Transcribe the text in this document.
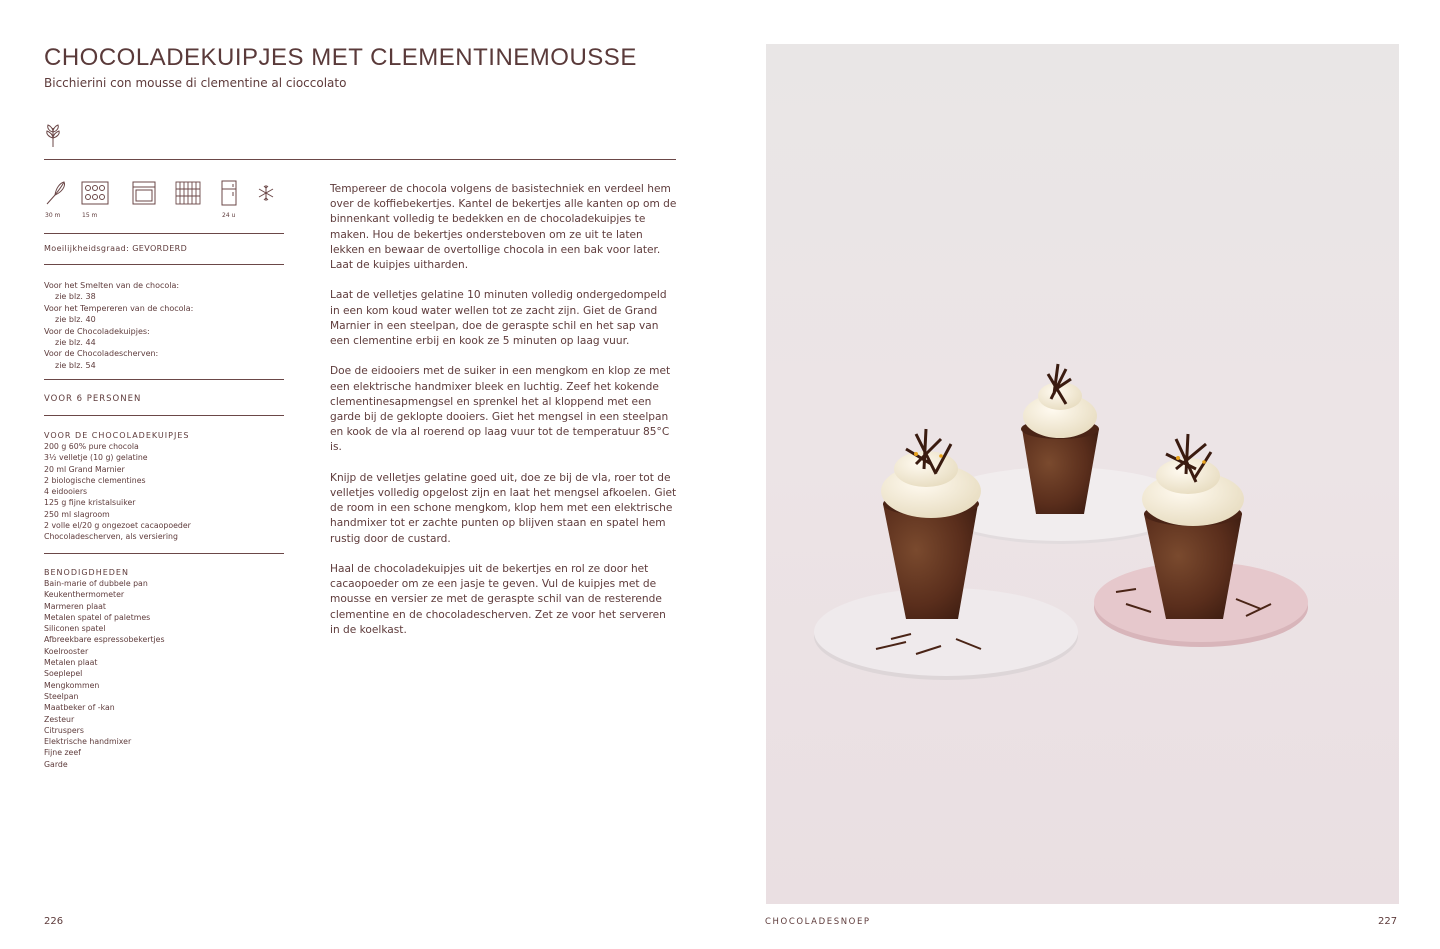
CHOCOLADEKUIPJES MET CLEMENTINEMOUSSE
Bicchierini con mousse di clementine al cioccolato
30 m	15 m	24 u
Moeilijkheidsgraad: GEVORDERD
Voor het Smelten van de chocola:
zie blz. 38
Voor het Tempereren van de chocola:
zie blz. 40
Voor de Chocoladekuipjes:
zie blz. 44
Voor de Chocoladescherven:
zie blz. 54
VOOR 6 PERSONEN
VOOR DE CHOCOLADEKUIPJES
200 g 60% pure chocola
3½ velletje (10 g) gelatine
20 ml Grand Marnier
2 biologische clementines
4 eidooiers
125 g fijne kristalsuiker
250 ml slagroom
2 volle el/20 g ongezoet cacaopoeder
Chocoladescherven, als versiering
BENODIGDHEDEN
Bain-marie of dubbele pan
Keukenthermometer
Marmeren plaat
Metalen spatel of paletmes
Siliconen spatel
Afbreekbare espressobekertjes
Koelrooster
Metalen plaat
Soeplepel
Mengkommen
Steelpan
Maatbeker of -kan
Zesteur
Citruspers
Elektrische handmixer
Fijne zeef
Garde

Tempereer de chocola volgens de basistechniek en verdeel hem over de koffiebekertjes. Kantel de bekertjes alle kanten op om de binnenkant volledig te bedekken en de chocoladekuipjes te maken. Hou de bekertjes ondersteboven om ze uit te laten lekken en bewaar de overtollige chocola in een bak voor later. Laat de kuipjes uitharden.

Laat de velletjes gelatine 10 minuten volledig ondergedompeld in een kom koud water wellen tot ze zacht zijn. Giet de Grand Marnier in een steelpan, doe de geraspte schil en het sap van een clementine erbij en kook ze 5 minuten op laag vuur.

Doe de eidooiers met de suiker in een mengkom en klop ze met een elektrische handmixer bleek en luchtig. Zeef het kokende clementinesapmengsel en sprenkel het al kloppend met een garde bij de geklopte dooiers. Giet het mengsel in een steelpan en kook de vla al roerend op laag vuur tot de temperatuur 85°C is.

Knijp de velletjes gelatine goed uit, doe ze bij de vla, roer tot de velletjes volledig opgelost zijn en laat het mengsel afkoelen. Giet de room in een schone mengkom, klop hem met een elektrische handmixer tot er zachte punten op blijven staan en spatel hem rustig door de custard.

Haal de chocoladekuipjes uit de bekertjes en rol ze door het cacaopoeder om ze een jasje te geven. Vul de kuipjes met de mousse en versier ze met de geraspte schil van de resterende clementine en de chocoladescherven. Zet ze voor het serveren in de koelkast.

226	CHOCOLADESNOEP	227
